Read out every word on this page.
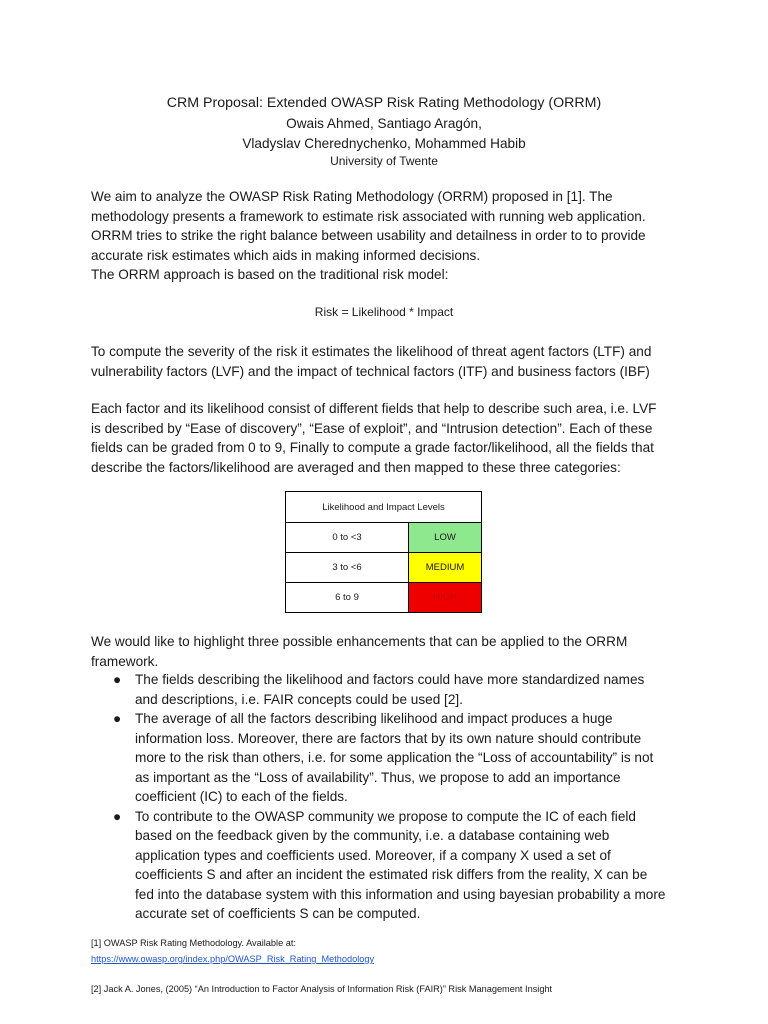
CRM Proposal: Extended OWASP Risk Rating Methodology (ORRM)
Owais Ahmed, Santiago Aragón,
Vladyslav Cherednychenko, Mohammed Habib
University of Twente

We aim to analyze the OWASP Risk Rating Methodology (ORRM) proposed in [1]. The
methodology presents a framework to estimate risk associated with running web application.
ORRM tries to strike the right balance between usability and detailness in order to to provide
accurate risk estimates which aids in making informed decisions.
The ORRM approach is based on the traditional risk model:

Risk = Likelihood * Impact

To compute the severity of the risk it estimates the likelihood of threat agent factors (LTF) and
vulnerability factors (LVF) and the impact of technical factors (ITF) and business factors (IBF)

Each factor and its likelihood consist of different fields that help to describe such area, i.e. LVF
is described by “Ease of discovery”, “Ease of exploit”, and “Intrusion detection”. Each of these
fields can be graded from 0 to 9, Finally to compute a grade factor/likelihood, all the fields that
describe the factors/likelihood are averaged and then mapped to these three categories:

Likelihood and Impact Levels	
0 to <3	LOW
3 to <6	MEDIUM
6 to 9	HIGH

We would like to highlight three possible enhancements that can be applied to the ORRM
framework.

● The fields describing the likelihood and factors could have more standardized names
and descriptions, i.e. FAIR concepts could be used [2].
● The average of all the factors describing likelihood and impact produces a huge
information loss. Moreover, there are factors that by its own nature should contribute
more to the risk than others, i.e. for some application the “Loss of accountability” is not
as important as the “Loss of availability”. Thus, we propose to add an importance
coefficient (IC) to each of the fields.
● To contribute to the OWASP community we propose to compute the IC of each field
based on the feedback given by the community, i.e. a database containing web
application types and coefficients used. Moreover, if a company X used a set of
coefficients S and after an incident the estimated risk differs from the reality, X can be
fed into the database system with this information and using bayesian probability a more
accurate set of coefficients S can be computed.
[1] OWASP Risk Rating Methodology. Available at:
https://www.owasp.org/index.php/OWASP_Risk_Rating_Methodology
[2] Jack A. Jones, (2005) “An Introduction to Factor Analysis of Information Risk (FAIR)” Risk Management Insight
